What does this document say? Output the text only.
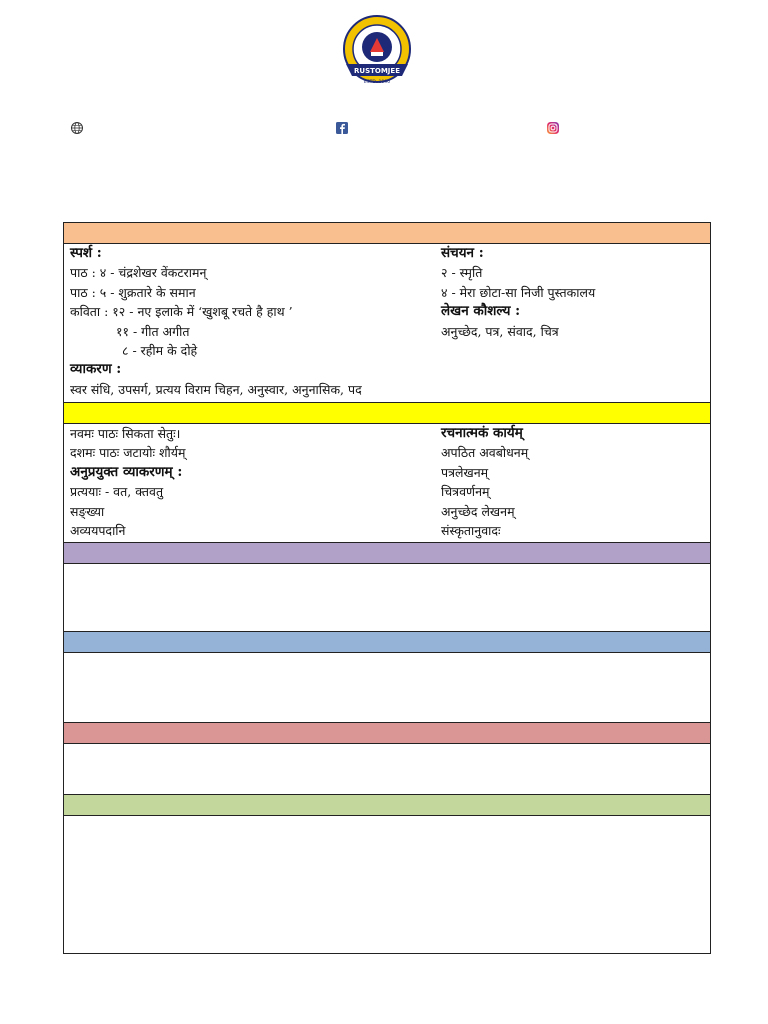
RUSTOMJEE
ESTD. 1990
स्पर्श :
पाठ : ४ - चंद्रशेखर वेंकटरामन्
पाठ : ५ - शुक्रतारे के समान
कविता : १२ - नए इलाके में ‘खुशबू रचते है हाथ ’
११ - गीत अगीत
८ - रहीम के दोहे
व्याकरण :
स्वर संधि, उपसर्ग, प्रत्यय विराम चिहन, अनुस्वार, अनुनासिक, पद
संचयन :
२ - स्मृति
४ - मेरा छोटा-सा निजी पुस्तकालय
लेखन कौशल्य :
अनुच्छेद, पत्र, संवाद, चित्र
नवमः पाठः सिकता सेतुः।
दशमः पाठः जटायोः शौर्यम्
अनुप्रयुक्त व्याकरणम् :
प्रत्ययाः - वत, क्तवतु
सङ्ख्या
अव्ययपदानि
रचनात्मकं कार्यम्
अपठित अवबोधनम्
पत्रलेखनम्
चित्रवर्णनम्
अनुच्छेद लेखनम्
संस्कृतानुवादः
